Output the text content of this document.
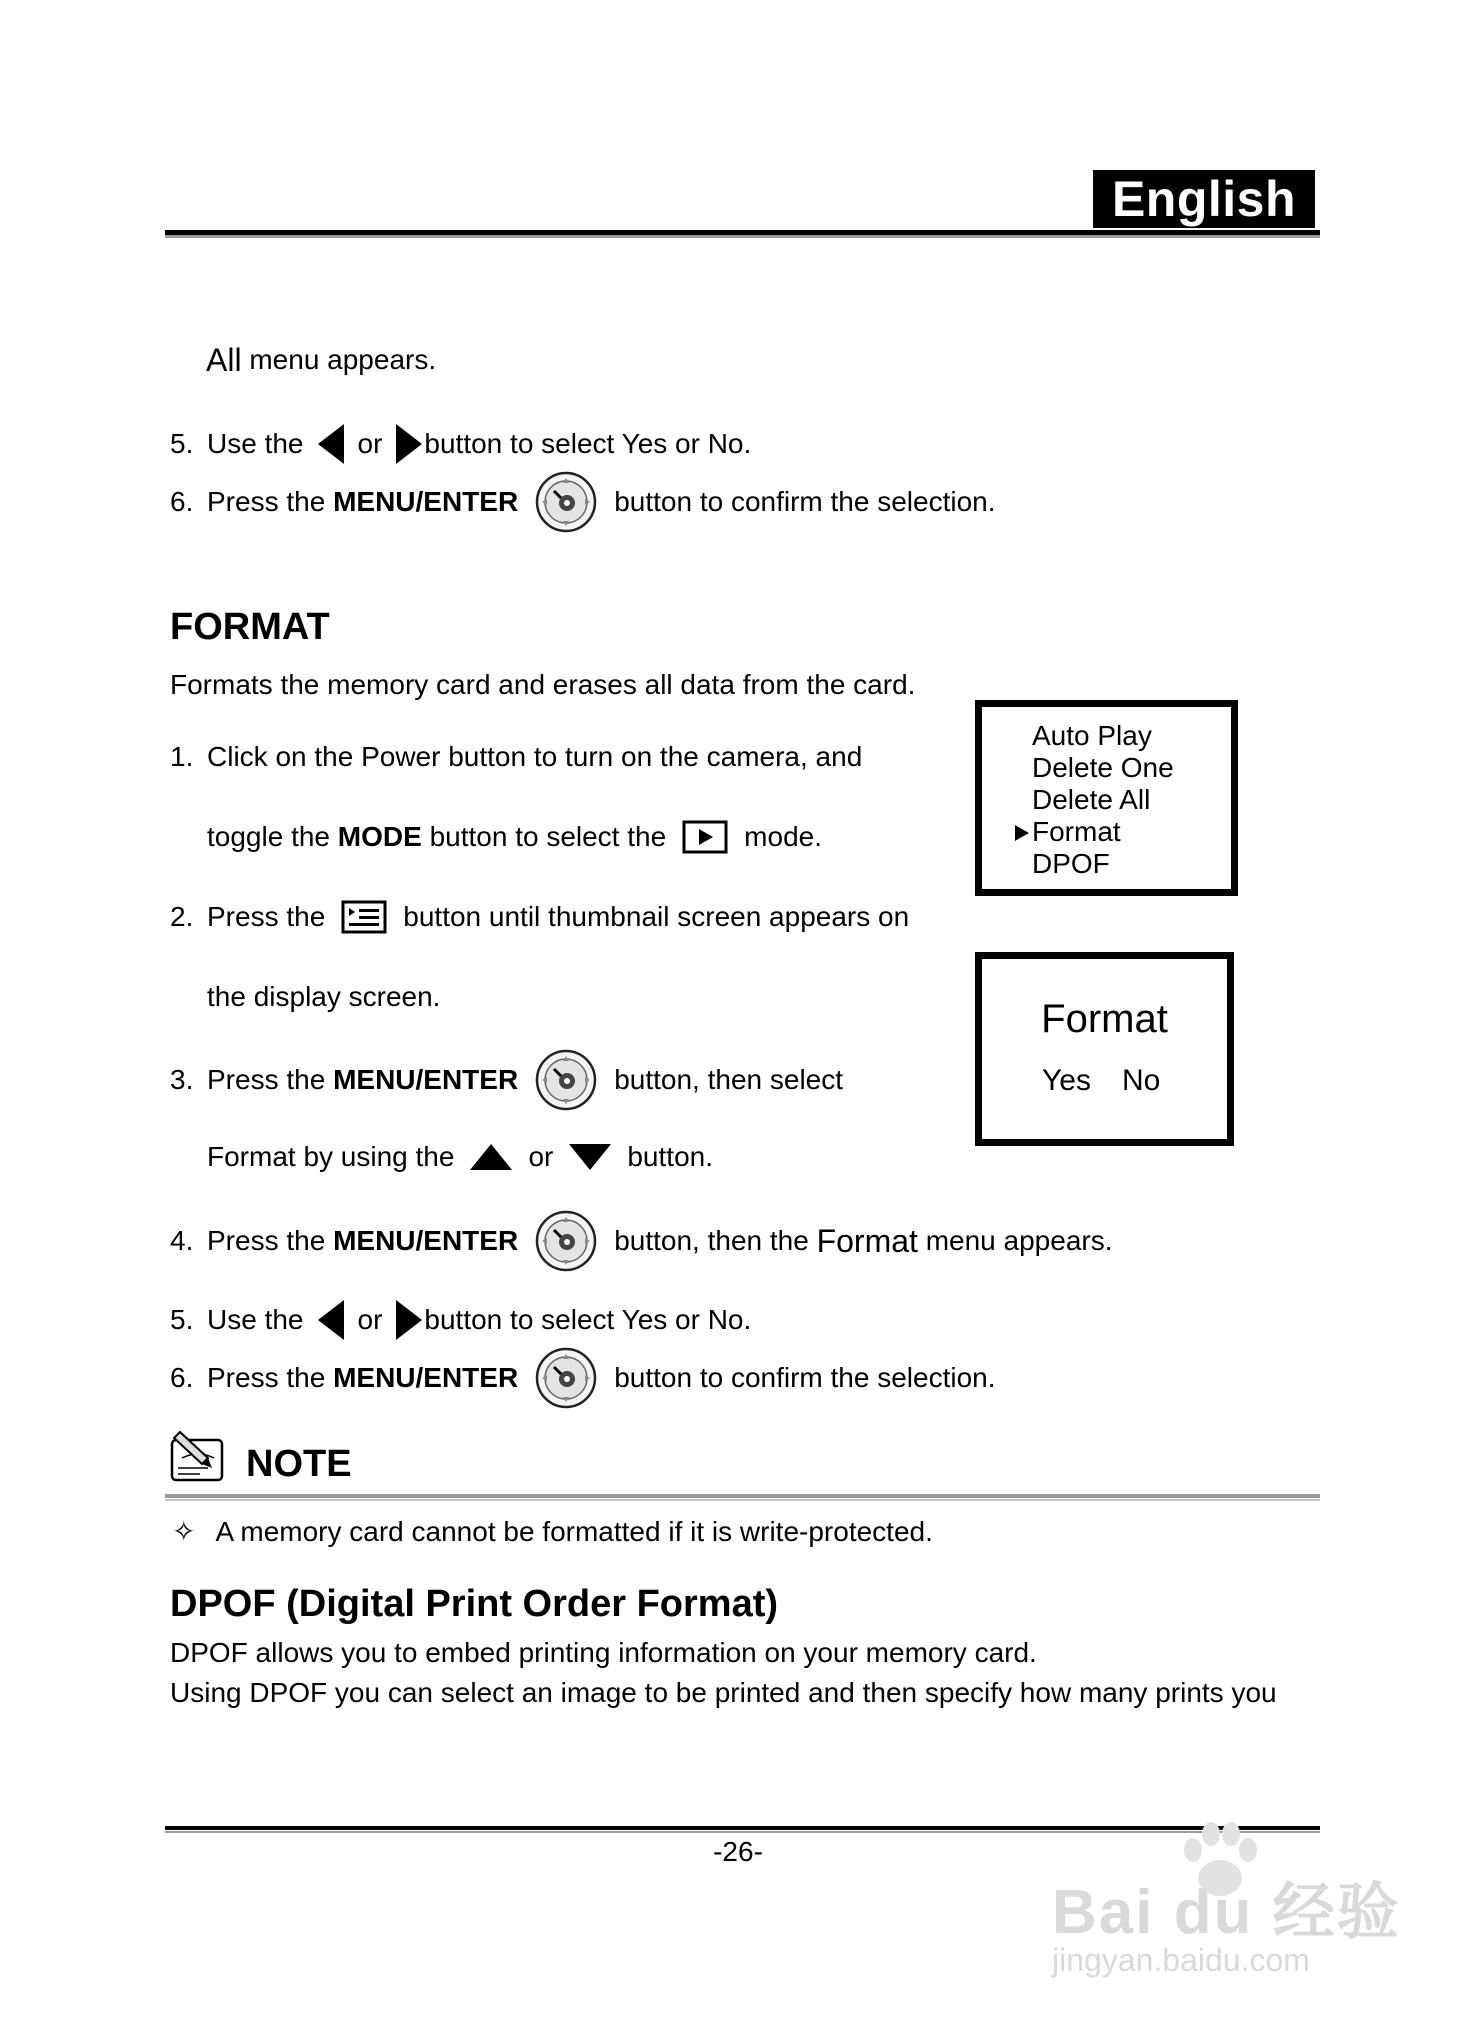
English
All
menu appears.
5. Use the or button to select Yes or No.
6. Press the
MENU/ENTER	button to confirm the selection.
FORMAT
Formats the memory card and erases all data from the card.
1. Click on the Power button to turn on the camera, and
toggle the
MODE
button to select the	mode.
2. Press the	button until thumbnail screen appears on
the display screen.
3. Press the
MENU/ENTER	button, then select
Format by using the	or	button.
4. Press the
MENU/ENTER	button, then the
Format
menu appears.
5. Use the or button to select Yes or No.
6. Press the
MENU/ENTER	button to confirm the selection.
Auto Play
Delete One
Delete All
Format
DPOF
Format
Yes No
NOTE
✧ A memory card cannot be formatted if it is write-protected.
DPOF (Digital Print Order Format)
DPOF allows you to embed printing information on your memory card.
Using DPOF you can select an image to be printed and then specify how many prints you
-26-
Bai du 经验
jingyan.baidu.com
